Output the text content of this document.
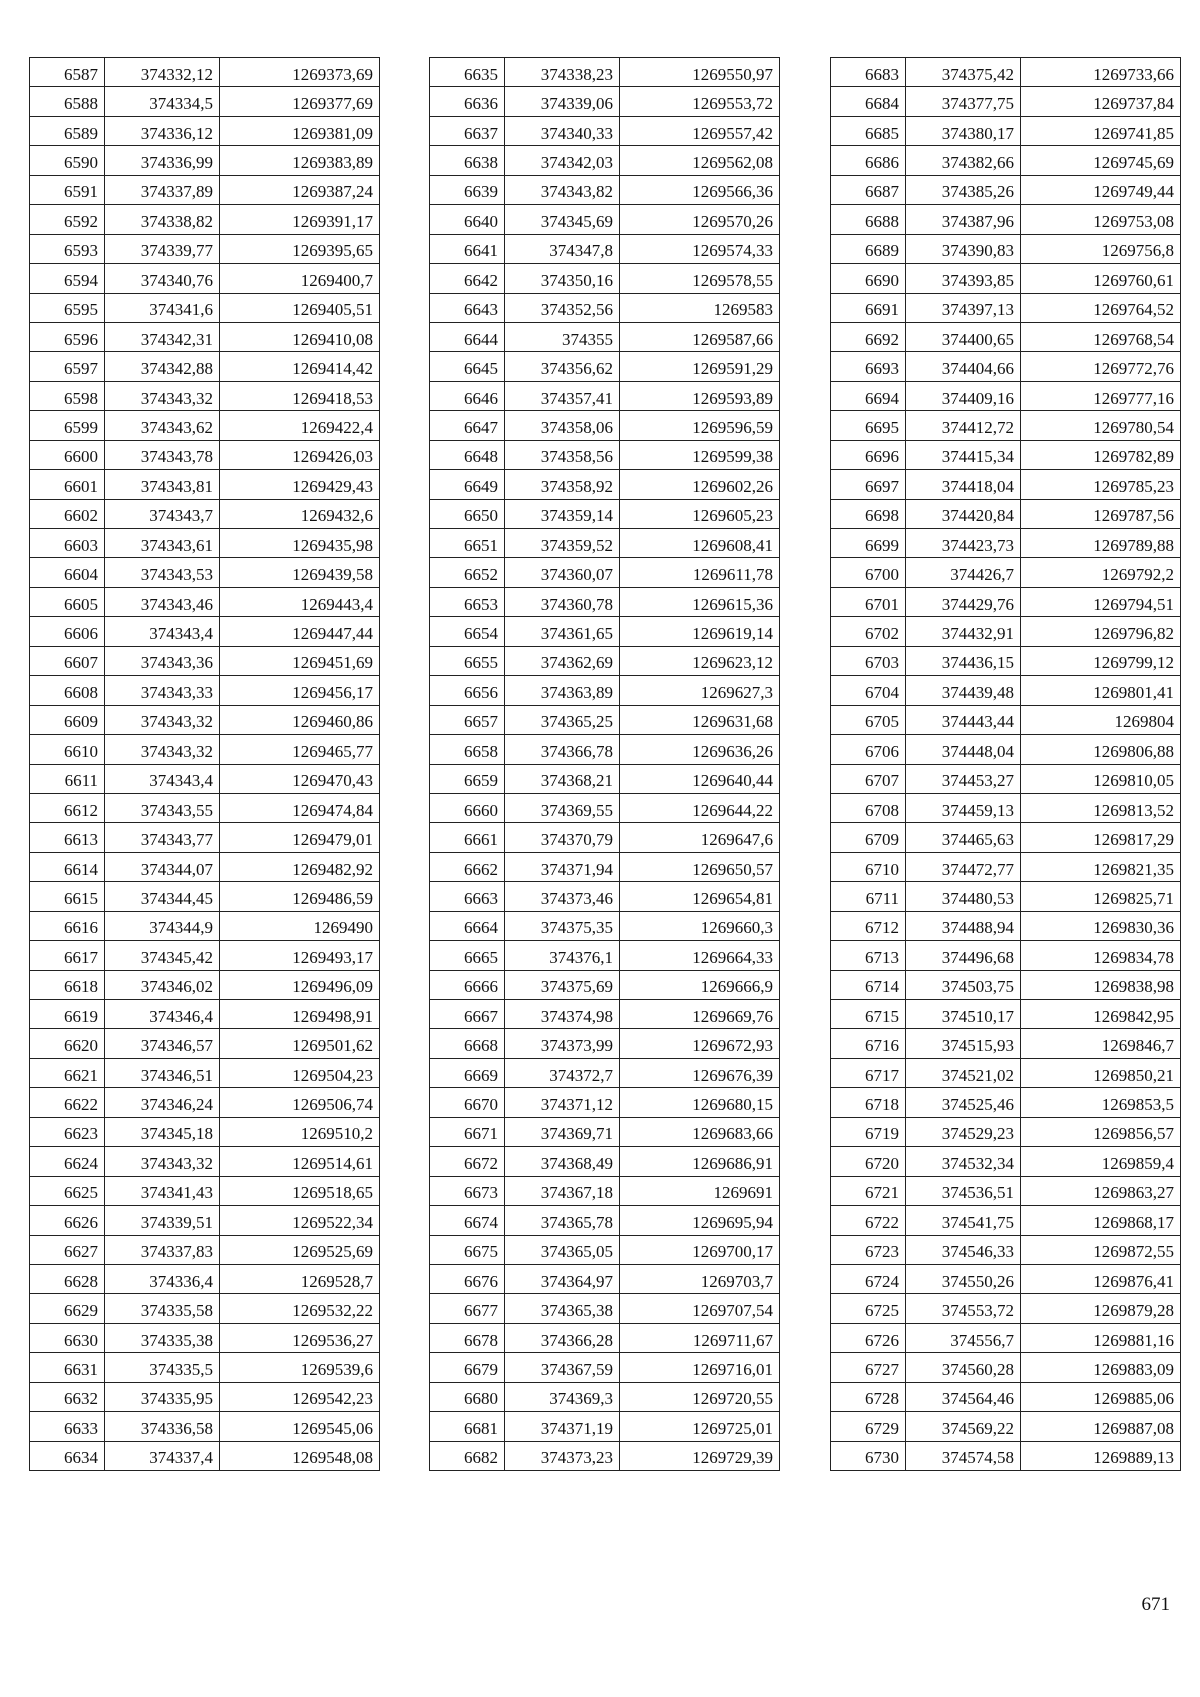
6587	374332,12	1269373,69
6588	374334,5	1269377,69
6589	374336,12	1269381,09
6590	374336,99	1269383,89
6591	374337,89	1269387,24
6592	374338,82	1269391,17
6593	374339,77	1269395,65
6594	374340,76	1269400,7
6595	374341,6	1269405,51
6596	374342,31	1269410,08
6597	374342,88	1269414,42
6598	374343,32	1269418,53
6599	374343,62	1269422,4
6600	374343,78	1269426,03
6601	374343,81	1269429,43
6602	374343,7	1269432,6
6603	374343,61	1269435,98
6604	374343,53	1269439,58
6605	374343,46	1269443,4
6606	374343,4	1269447,44
6607	374343,36	1269451,69
6608	374343,33	1269456,17
6609	374343,32	1269460,86
6610	374343,32	1269465,77
6611	374343,4	1269470,43
6612	374343,55	1269474,84
6613	374343,77	1269479,01
6614	374344,07	1269482,92
6615	374344,45	1269486,59
6616	374344,9	1269490
6617	374345,42	1269493,17
6618	374346,02	1269496,09
6619	374346,4	1269498,91
6620	374346,57	1269501,62
6621	374346,51	1269504,23
6622	374346,24	1269506,74
6623	374345,18	1269510,2
6624	374343,32	1269514,61
6625	374341,43	1269518,65
6626	374339,51	1269522,34
6627	374337,83	1269525,69
6628	374336,4	1269528,7
6629	374335,58	1269532,22
6630	374335,38	1269536,27
6631	374335,5	1269539,6
6632	374335,95	1269542,23
6633	374336,58	1269545,06
6634	374337,4	1269548,08
6635	374338,23	1269550,97
6636	374339,06	1269553,72
6637	374340,33	1269557,42
6638	374342,03	1269562,08
6639	374343,82	1269566,36
6640	374345,69	1269570,26
6641	374347,8	1269574,33
6642	374350,16	1269578,55
6643	374352,56	1269583
6644	374355	1269587,66
6645	374356,62	1269591,29
6646	374357,41	1269593,89
6647	374358,06	1269596,59
6648	374358,56	1269599,38
6649	374358,92	1269602,26
6650	374359,14	1269605,23
6651	374359,52	1269608,41
6652	374360,07	1269611,78
6653	374360,78	1269615,36
6654	374361,65	1269619,14
6655	374362,69	1269623,12
6656	374363,89	1269627,3
6657	374365,25	1269631,68
6658	374366,78	1269636,26
6659	374368,21	1269640,44
6660	374369,55	1269644,22
6661	374370,79	1269647,6
6662	374371,94	1269650,57
6663	374373,46	1269654,81
6664	374375,35	1269660,3
6665	374376,1	1269664,33
6666	374375,69	1269666,9
6667	374374,98	1269669,76
6668	374373,99	1269672,93
6669	374372,7	1269676,39
6670	374371,12	1269680,15
6671	374369,71	1269683,66
6672	374368,49	1269686,91
6673	374367,18	1269691
6674	374365,78	1269695,94
6675	374365,05	1269700,17
6676	374364,97	1269703,7
6677	374365,38	1269707,54
6678	374366,28	1269711,67
6679	374367,59	1269716,01
6680	374369,3	1269720,55
6681	374371,19	1269725,01
6682	374373,23	1269729,39
6683	374375,42	1269733,66
6684	374377,75	1269737,84
6685	374380,17	1269741,85
6686	374382,66	1269745,69
6687	374385,26	1269749,44
6688	374387,96	1269753,08
6689	374390,83	1269756,8
6690	374393,85	1269760,61
6691	374397,13	1269764,52
6692	374400,65	1269768,54
6693	374404,66	1269772,76
6694	374409,16	1269777,16
6695	374412,72	1269780,54
6696	374415,34	1269782,89
6697	374418,04	1269785,23
6698	374420,84	1269787,56
6699	374423,73	1269789,88
6700	374426,7	1269792,2
6701	374429,76	1269794,51
6702	374432,91	1269796,82
6703	374436,15	1269799,12
6704	374439,48	1269801,41
6705	374443,44	1269804
6706	374448,04	1269806,88
6707	374453,27	1269810,05
6708	374459,13	1269813,52
6709	374465,63	1269817,29
6710	374472,77	1269821,35
6711	374480,53	1269825,71
6712	374488,94	1269830,36
6713	374496,68	1269834,78
6714	374503,75	1269838,98
6715	374510,17	1269842,95
6716	374515,93	1269846,7
6717	374521,02	1269850,21
6718	374525,46	1269853,5
6719	374529,23	1269856,57
6720	374532,34	1269859,4
6721	374536,51	1269863,27
6722	374541,75	1269868,17
6723	374546,33	1269872,55
6724	374550,26	1269876,41
6725	374553,72	1269879,28
6726	374556,7	1269881,16
6727	374560,28	1269883,09
6728	374564,46	1269885,06
6729	374569,22	1269887,08
6730	374574,58	1269889,13
671
